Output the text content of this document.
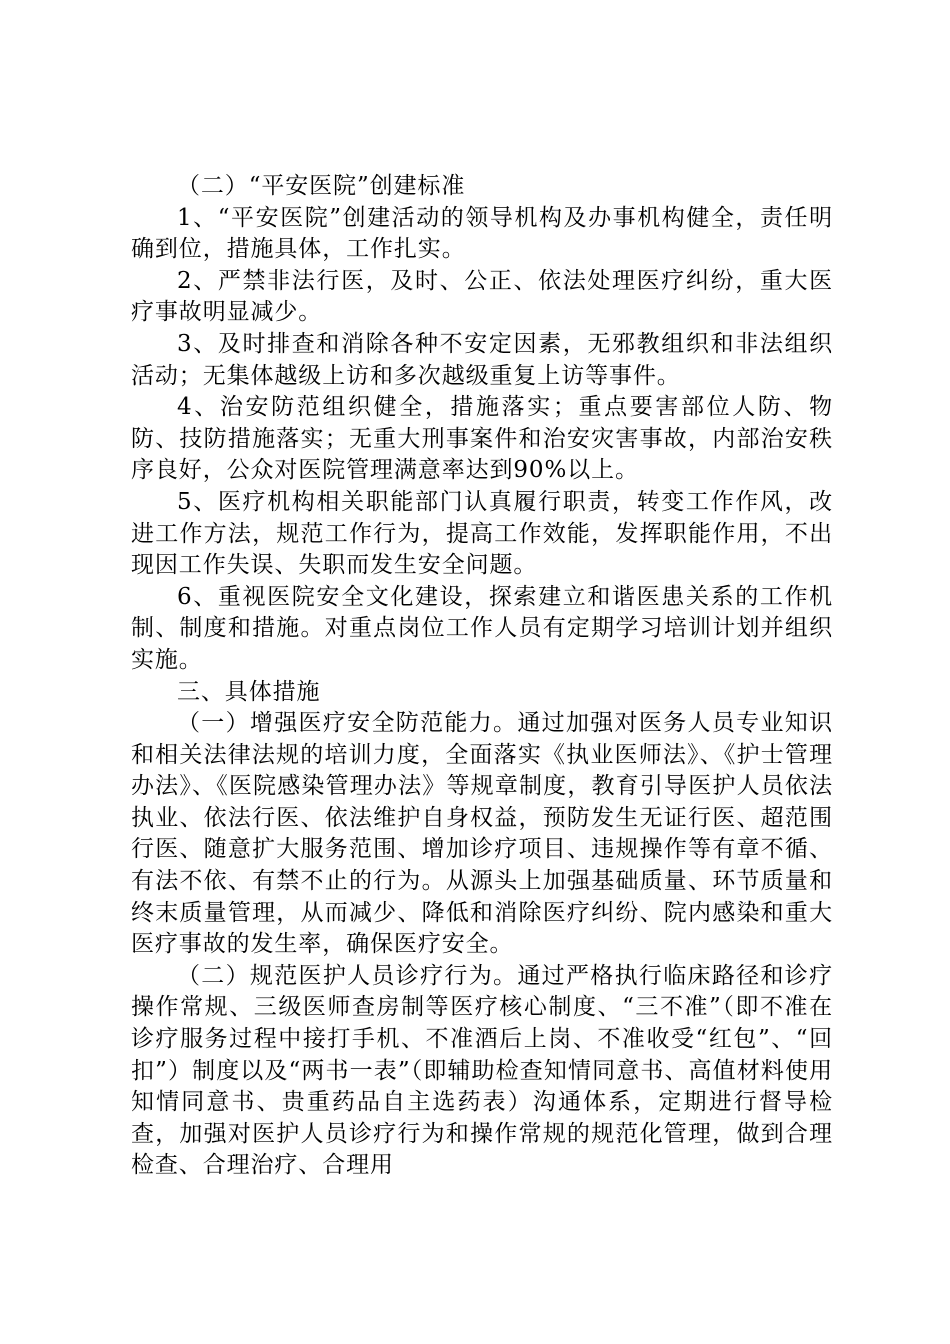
（二）“平安医院”创建标准

1、“平安医院”创建活动的领导机构及办事机构健全，责任明确到位，措施具体，工作扎实。

2、严禁非法行医，及时、公正、依法处理医疗纠纷，重大医疗事故明显减少。

3、及时排查和消除各种不安定因素，无邪教组织和非法组织活动；无集体越级上访和多次越级重复上访等事件。

4、治安防范组织健全，措施落实；重点要害部位人防、物防、技防措施落实；无重大刑事案件和治安灾害事故，内部治安秩序良好，公众对医院管理满意率达到90%以上。

5、医疗机构相关职能部门认真履行职责，转变工作作风，改进工作方法，规范工作行为，提高工作效能，发挥职能作用，不出现因工作失误、失职而发生安全问题。

6、重视医院安全文化建设，探索建立和谐医患关系的工作机制、制度和措施。对重点岗位工作人员有定期学习培训计划并组织实施。

三、具体措施

（一）增强医疗安全防范能力。通过加强对医务人员专业知识和相关法律法规的培训力度，全面落实《执业医师法》、《护士管理办法》、《医院感染管理办法》等规章制度，教育引导医护人员依法执业、依法行医、依法维护自身权益，预防发生无证行医、超范围行医、随意扩大服务范围、增加诊疗项目、违规操作等有章不循、有法不依、有禁不止的行为。从源头上加强基础质量、环节质量和终末质量管理，从而减少、降低和消除医疗纠纷、院内感染和重大医疗事故的发生率，确保医疗安全。

（二）规范医护人员诊疗行为。通过严格执行临床路径和诊疗操作常规、三级医师查房制等医疗核心制度、“三不准”（即不准在诊疗服务过程中接打手机、不准酒后上岗、不准收受“红包”、“回扣”）制度以及“两书一表”（即辅助检查知情同意书、高值材料使用知情同意书、贵重药品自主选药表）沟通体系，定期进行督导检查，加强对医护人员诊疗行为和操作常规的规范化管理，做到合理检查、合理治疗、合理用
